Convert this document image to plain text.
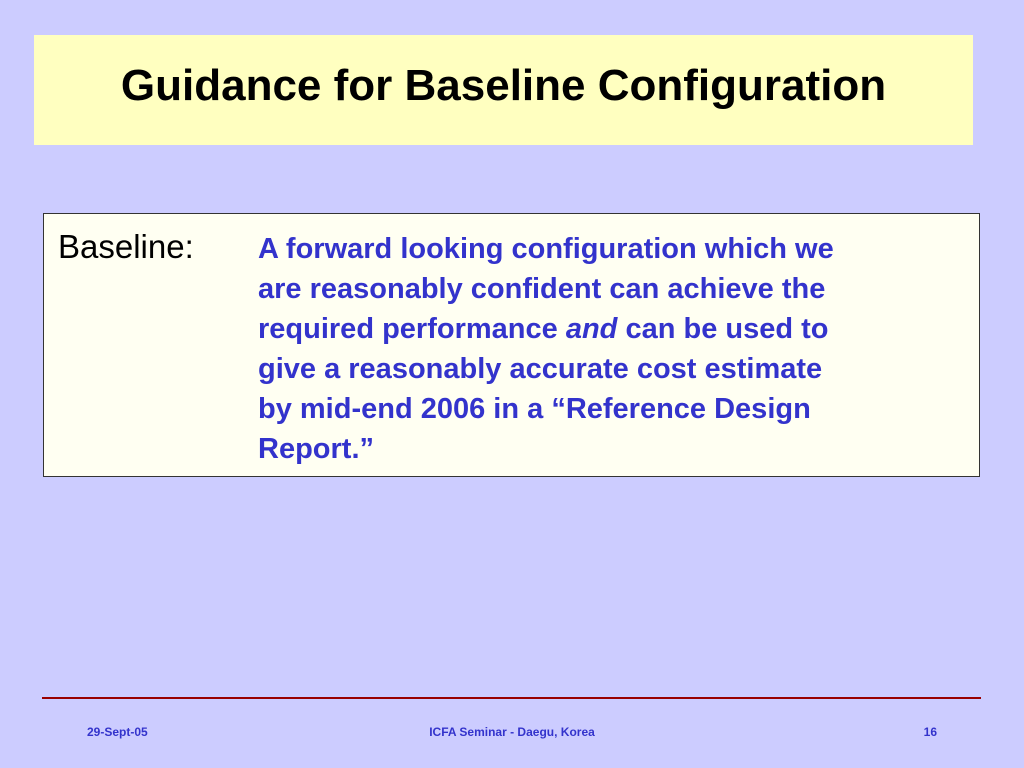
Guidance for Baseline Configuration
Baseline: A forward looking configuration which we
are reasonably confident can achieve the
required performance and can be used to
give a reasonably accurate cost estimate
by mid-end 2006 in a “Reference Design
Report.”
29-Sept-05	ICFA Seminar - Daegu, Korea	16
